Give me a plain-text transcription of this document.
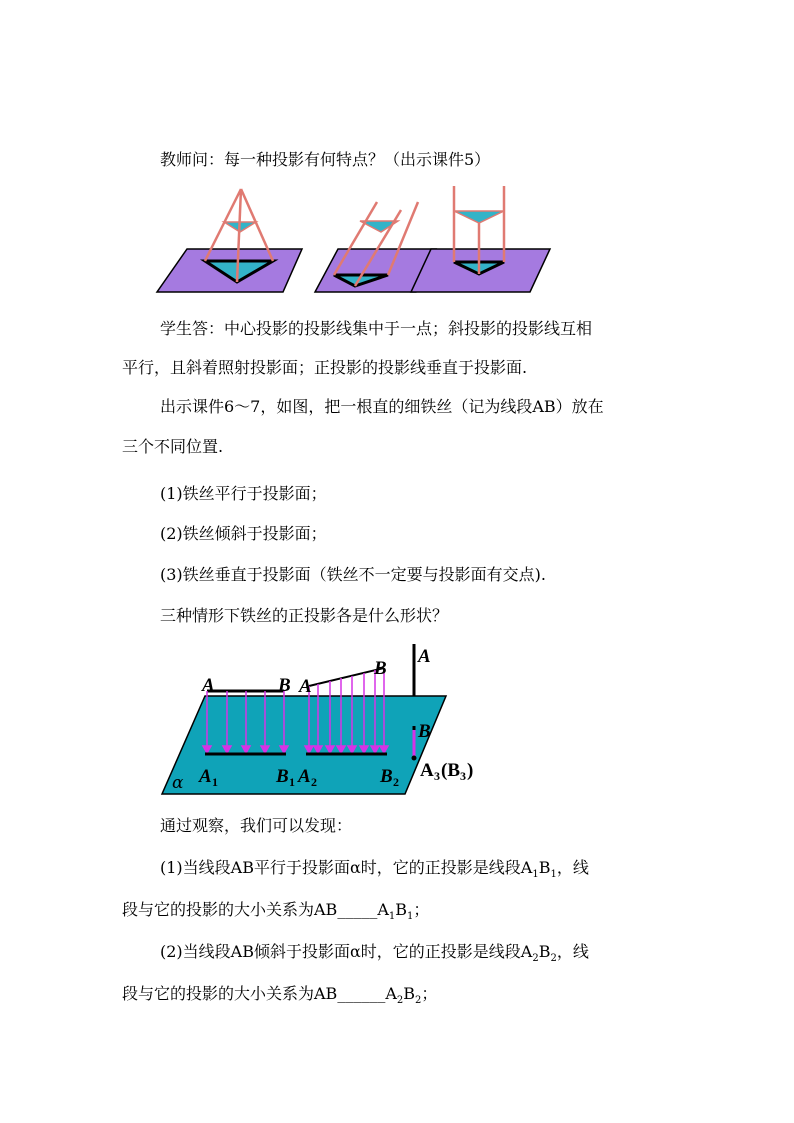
教师问：每一种投影有何特点？（出示课件5）
学生答：中心投影的投影线集中于一点；斜投影的投影线互相
平行，且斜着照射投影面；正投影的投影线垂直于投影面.
出示课件6～7，如图，把一根直的细铁丝（记为线段AB）放在
三个不同位置.
(1)铁丝平行于投影面；
(2)铁丝倾斜于投影面；
(3)铁丝垂直于投影面（铁丝不一定要与投影面有交点).
三种情形下铁丝的正投影各是什么形状？
A	B A
B
A
B
α A 1	B 1 A 2	B 2
A 3 (B 3 )
通过观察，我们可以发现：
(1)当线段AB平行于投影面α时，它的正投影是线段$A_1B_1$，线
段与它的投影的大小关系为$AB\_\_\_\_\_A_1B_1$；
(2)当线段AB倾斜于投影面α时，它的正投影是线段$A_2B_2$，线
段与它的投影的大小关系为$AB\_\_\_\_\_\_A_2B_2$；
